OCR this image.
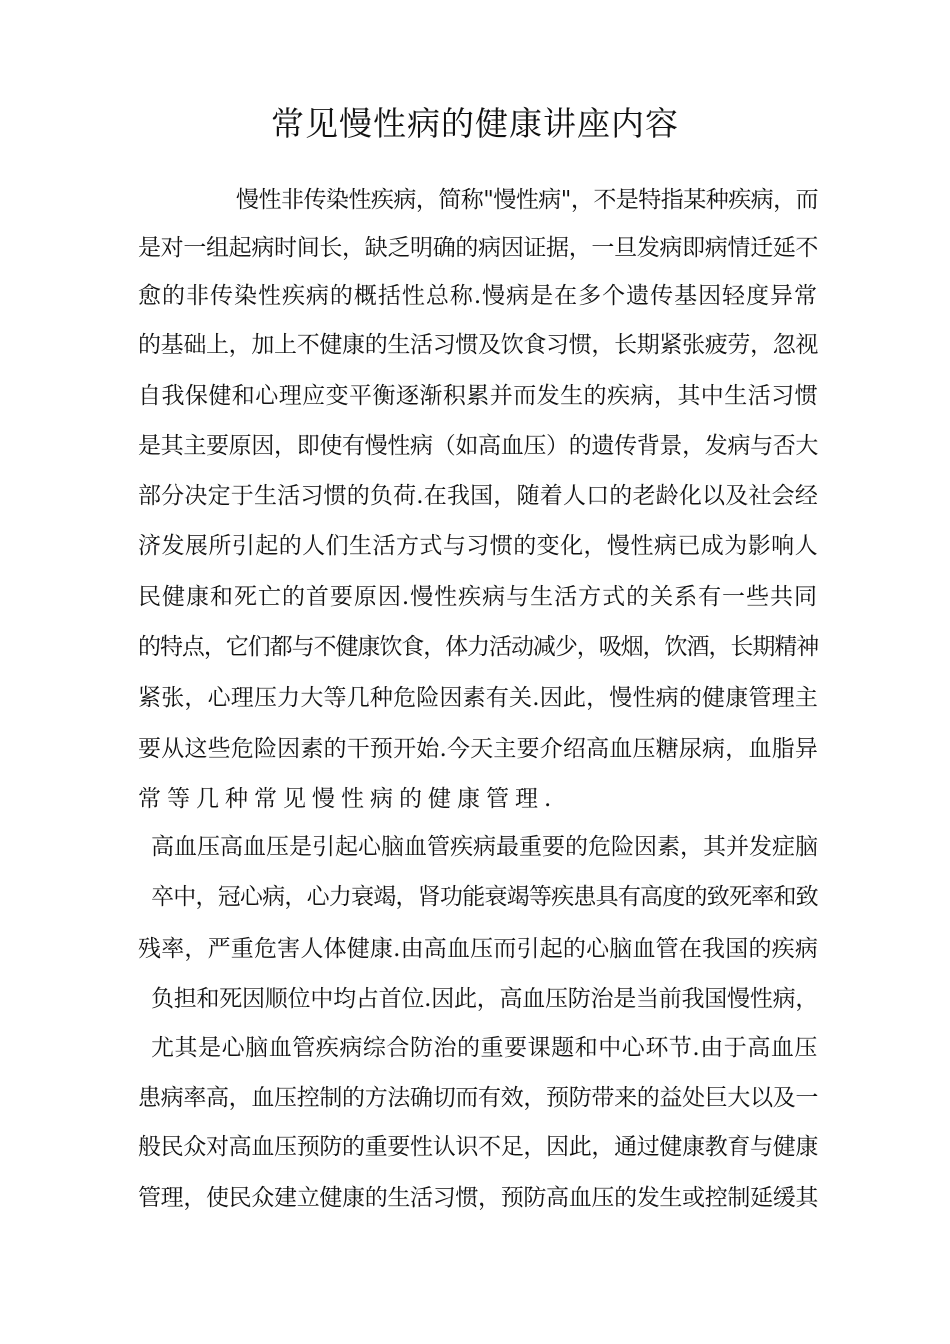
常见慢性病的健康讲座内容

慢性非传染性疾病，简称"慢性病"，不是特指某种疾病，而

是对一组起病时间长，缺乏明确的病因证据，一旦发病即病情迁延不

愈的非传染性疾病的概括性总称.慢病是在多个遗传基因轻度异常

的基础上，加上不健康的生活习惯及饮食习惯，长期紧张疲劳，忽视

自我保健和心理应变平衡逐渐积累并而发生的疾病，其中生活习惯

是其主要原因，即使有慢性病（如高血压）的遗传背景，发病与否大

部分决定于生活习惯的负荷.在我国，随着人口的老龄化以及社会经

济发展所引起的人们生活方式与习惯的变化，慢性病已成为影响人

民健康和死亡的首要原因.慢性疾病与生活方式的关系有一些共同

的特点，它们都与不健康饮食，体力活动减少，吸烟，饮酒，长期精神

紧张，心理压力大等几种危险因素有关.因此，慢性病的健康管理主

要从这些危险因素的干预开始.今天主要介绍高血压糖尿病，血脂异

常等几种常见慢性病的健康管理.

高血压高血压是引起心脑血管疾病最重要的危险因素，其并发症脑

卒中，冠心病，心力衰竭，肾功能衰竭等疾患具有高度的致死率和致

残率，严重危害人体健康.由高血压而引起的心脑血管在我国的疾病

负担和死因顺位中均占首位.因此，高血压防治是当前我国慢性病，

尤其是心脑血管疾病综合防治的重要课题和中心环节.由于高血压

患病率高，血压控制的方法确切而有效，预防带来的益处巨大以及一

般民众对高血压预防的重要性认识不足，因此，通过健康教育与健康

管理，使民众建立健康的生活习惯，预防高血压的发生或控制延缓其
